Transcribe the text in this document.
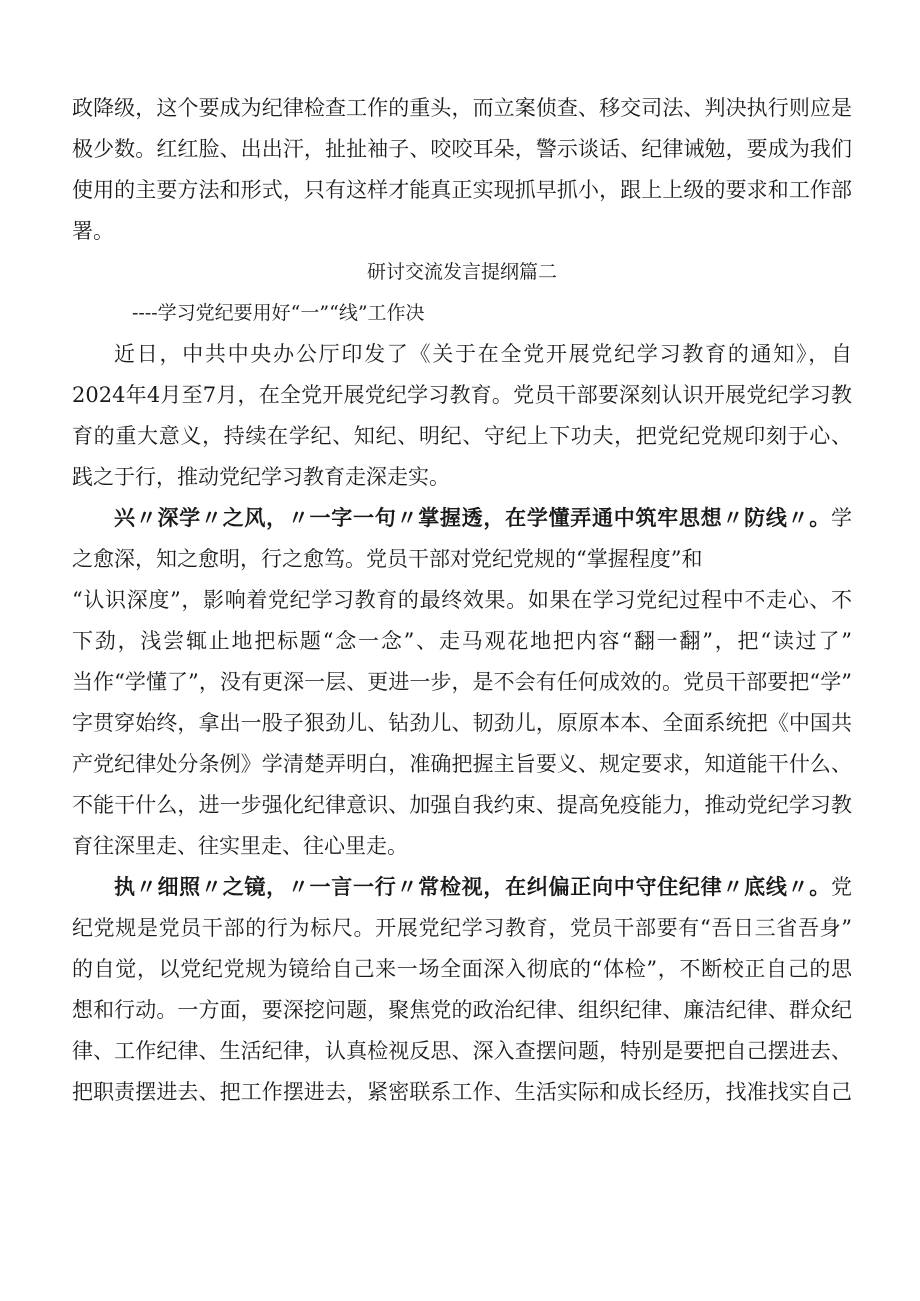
政降级，这个要成为纪律检查工作的重头，而立案侦查、移交司法、判决执行则应是
极少数。红红脸、出出汗，扯扯袖子、咬咬耳朵，警示谈话、纪律诫勉，要成为我们
使用的主要方法和形式，只有这样才能真正实现抓早抓小，跟上上级的要求和工作部
署。
研讨交流发言提纲篇二
----学习党纪要用好“一”“线”工作决
近日，中共中央办公厅印发了《关于在全党开展党纪学习教育的通知》，自
2024年4月至7月，在全党开展党纪学习教育。党员干部要深刻认识开展党纪学习教
育的重大意义，持续在学纪、知纪、明纪、守纪上下功夫，把党纪党规印刻于心、
践之于行，推动党纪学习教育走深走实。
兴〃深学〃之风，〃一字一句〃掌握透，在学懂弄通中筑牢思想〃防线〃。学
之愈深，知之愈明，行之愈笃。党员干部对党纪党规的“掌握程度”和
“认识深度”，影响着党纪学习教育的最终效果。如果在学习党纪过程中不走心、不
下劲，浅尝辄止地把标题“念一念”、走马观花地把内容“翻一翻”，把“读过了”
当作“学懂了”，没有更深一层、更进一步，是不会有任何成效的。党员干部要把“学”
字贯穿始终，拿出一股子狠劲儿、钻劲儿、韧劲儿，原原本本、全面系统把《中国共
产党纪律处分条例》学清楚弄明白，准确把握主旨要义、规定要求，知道能干什么、
不能干什么，进一步强化纪律意识、加强自我约束、提高免疫能力，推动党纪学习教
育往深里走、往实里走、往心里走。
执〃细照〃之镜，〃一言一行〃常检视，在纠偏正向中守住纪律〃底线〃。党
纪党规是党员干部的行为标尺。开展党纪学习教育，党员干部要有“吾日三省吾身”
的自觉，以党纪党规为镜给自己来一场全面深入彻底的“体检”，不断校正自己的思
想和行动。一方面，要深挖问题，聚焦党的政治纪律、组织纪律、廉洁纪律、群众纪
律、工作纪律、生活纪律，认真检视反思、深入查摆问题，特别是要把自己摆进去、
把职责摆进去、把工作摆进去，紧密联系工作、生活实际和成长经历，找准找实自己
